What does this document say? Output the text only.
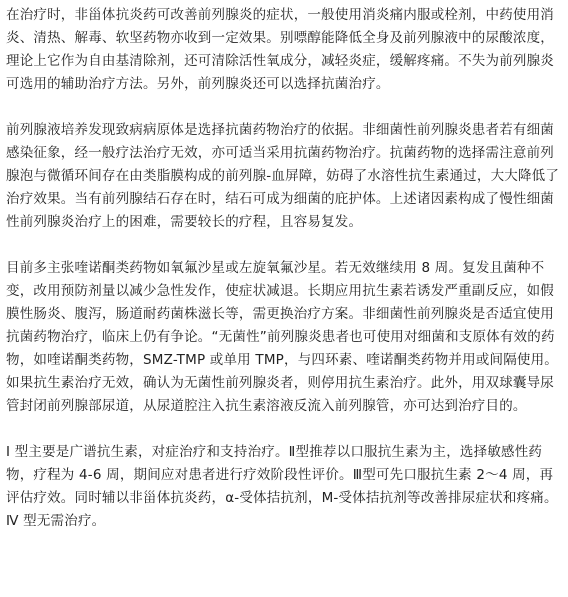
在治疗时，非甾体抗炎药可改善前列腺炎的症状，一般使用消炎痛内服或栓剂，中药使用消炎、清热、解毒、软坚药物亦收到一定效果。别嘌醇能降低全身及前列腺液中的尿酸浓度，理论上它作为自由基清除剂，还可清除活性氧成分，减轻炎症，缓解疼痛。不失为前列腺炎可选用的辅助治疗方法。另外，前列腺炎还可以选择抗菌治疗。

前列腺液培养发现致病病原体是选择抗菌药物治疗的依据。非细菌性前列腺炎患者若有细菌感染征象，经一般疗法治疗无效，亦可适当采用抗菌药物治疗。抗菌药物的选择需注意前列腺泡与微循环间存在由类脂膜构成的前列腺-血屏障，妨碍了水溶性抗生素通过，大大降低了治疗效果。当有前列腺结石存在时，结石可成为细菌的庇护体。上述诸因素构成了慢性细菌性前列腺炎治疗上的困难，需要较长的疗程，且容易复发。

目前多主张喹诺酮类药物如氧氟沙星或左旋氧氟沙星。若无效继续用 8 周。复发且菌种不变，改用预防剂量以减少急性发作，使症状减退。长期应用抗生素若诱发严重副反应，如假膜性肠炎、腹泻，肠道耐药菌株滋长等，需更换治疗方案。非细菌性前列腺炎是否适宜使用抗菌药物治疗，临床上仍有争论。“无菌性”前列腺炎患者也可使用对细菌和支原体有效的药物，如喹诺酮类药物，SMZ-TMP 或单用 TMP，与四环素、喹诺酮类药物并用或间隔使用。如果抗生素治疗无效，确认为无菌性前列腺炎者，则停用抗生素治疗。此外，用双球囊导尿管封闭前列腺部尿道，从尿道腔注入抗生素溶液反流入前列腺管，亦可达到治疗目的。

I 型主要是广谱抗生素，对症治疗和支持治疗。Ⅱ型推荐以口服抗生素为主，选择敏感性药物，疗程为 4-6 周，期间应对患者进行疗效阶段性评价。Ⅲ型可先口服抗生素 2～4 周，再评估疗效。同时辅以非甾体抗炎药，α-受体拮抗剂，M-受体拮抗剂等改善排尿症状和疼痛。Ⅳ 型无需治疗。
